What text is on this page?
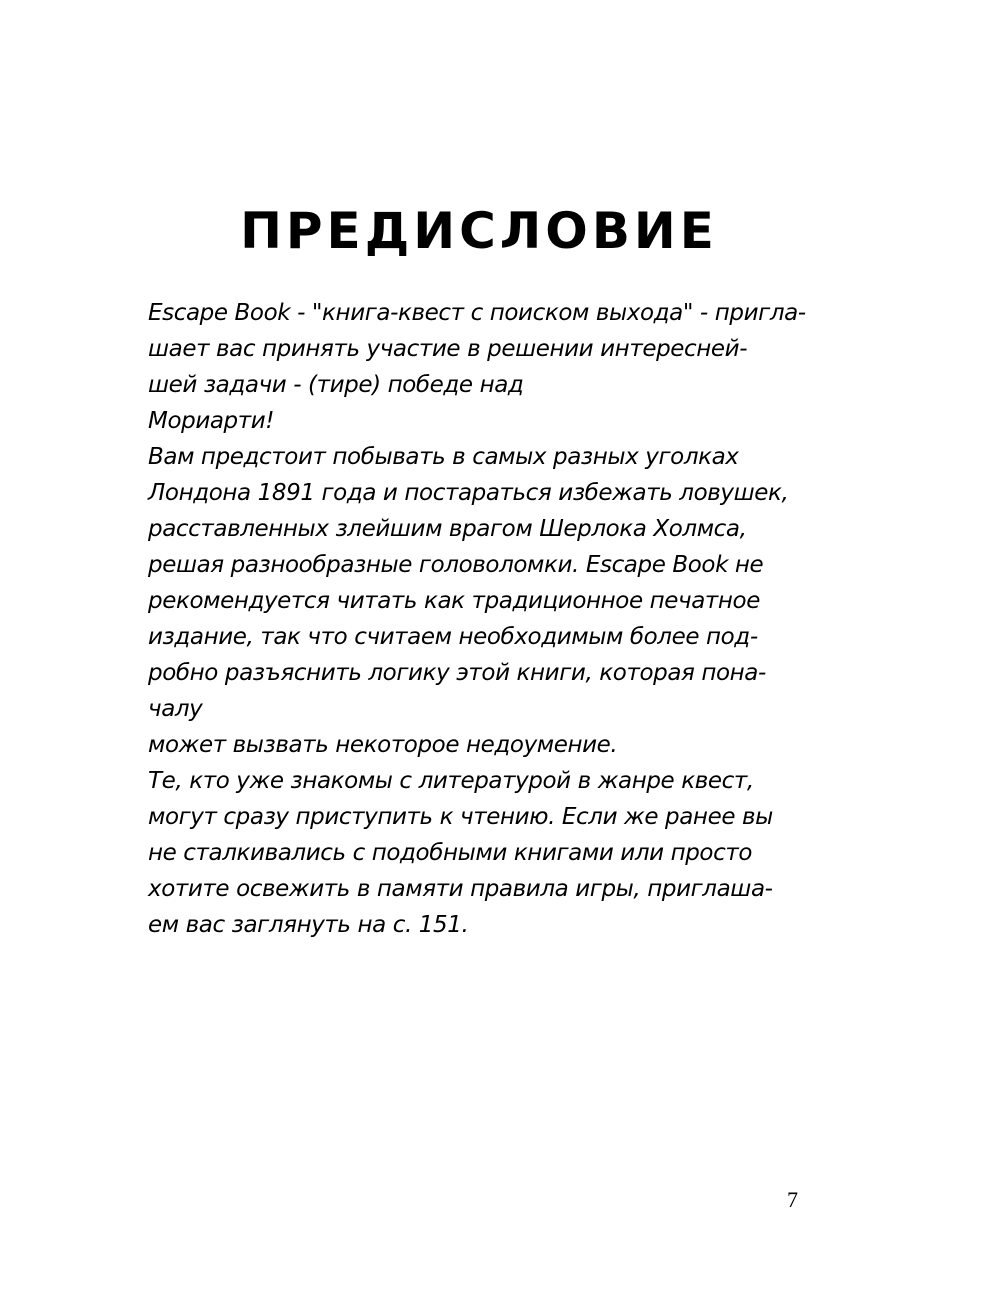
ПРЕДИСЛОВИЕ
Escape Book - "книга-квест с поиском выхода" - пригла-
шает вас принять участие в решении интересней-
шей задачи - (тире) победе над
Мориарти!
Вам предстоит побывать в самых разных уголках
Лондона 1891 года и постараться избежать ловушек,
расставленных злейшим врагом Шерлока Холмса,
решая разнообразные головоломки. Escape Book не
рекомендуется читать как традиционное печатное
издание, так что считаем необходимым более под-
робно разъяснить логику этой книги, которая пона-
чалу
может вызвать некоторое недоумение.
Те, кто уже знакомы с литературой в жанре квест,
могут сразу приступить к чтению. Если же ранее вы
не сталкивались с подобными книгами или просто
хотите освежить в памяти правила игры, приглаша-
ем вас заглянуть на с. 151.
7
